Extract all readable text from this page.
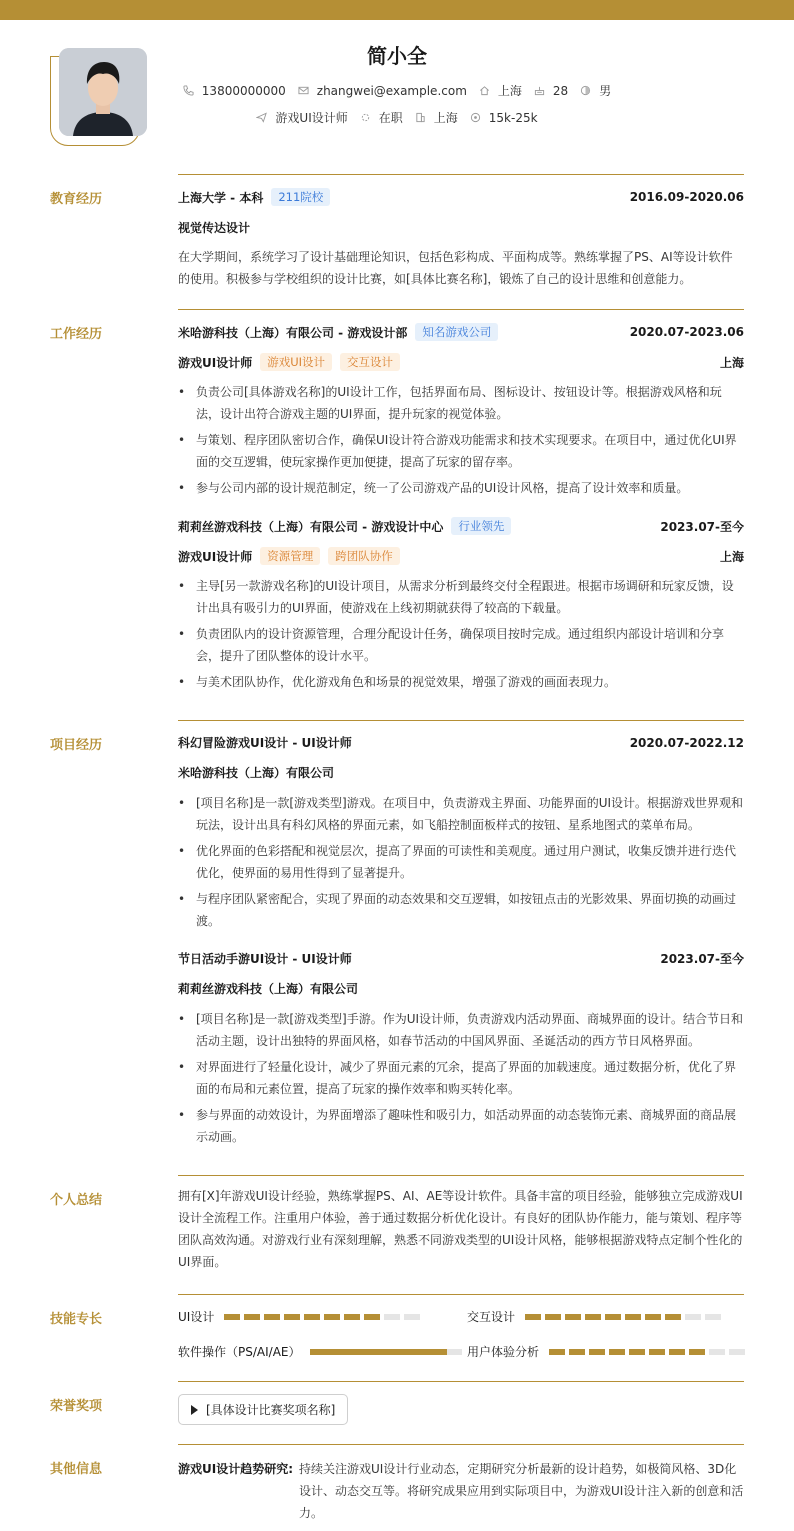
简小全
13800000000	zhangwei@example.com	上海	28	男
游戏UI设计师	在职	上海	15k-25k
教育经历	上海大学 - 本科	211院校	2016.09-2020.06
视觉传达设计
在大学期间，系统学习了设计基础理论知识，包括色彩构成、平面构成等。熟练掌握了PS、AI等设计软件的使用。积极参与学校组织的设计比赛，如[具体比赛名称]，锻炼了自己的设计思维和创意能力。
工作经历	米哈游科技（上海）有限公司 - 游戏设计部	知名游戏公司	2020.07-2023.06
游戏UI设计师	游戏UI设计	交互设计	上海
• 负责公司[具体游戏名称]的UI设计工作，包括界面布局、图标设计、按钮设计等。根据游戏风格和玩法，设计出符合游戏主题的UI界面，提升玩家的视觉体验。
• 与策划、程序团队密切合作，确保UI设计符合游戏功能需求和技术实现要求。在项目中，通过优化UI界面的交互逻辑，使玩家操作更加便捷，提高了玩家的留存率。
• 参与公司内部的设计规范制定，统一了公司游戏产品的UI设计风格，提高了设计效率和质量。
莉莉丝游戏科技（上海）有限公司 - 游戏设计中心	行业领先	2023.07-至今
游戏UI设计师	资源管理	跨团队协作	上海
• 主导[另一款游戏名称]的UI设计项目，从需求分析到最终交付全程跟进。根据市场调研和玩家反馈，设计出具有吸引力的UI界面，使游戏在上线初期就获得了较高的下载量。
• 负责团队内的设计资源管理，合理分配设计任务，确保项目按时完成。通过组织内部设计培训和分享会，提升了团队整体的设计水平。
• 与美术团队协作，优化游戏角色和场景的视觉效果，增强了游戏的画面表现力。
项目经历	科幻冒险游戏UI设计 - UI设计师	2020.07-2022.12
米哈游科技（上海）有限公司
• [项目名称]是一款[游戏类型]游戏。在项目中，负责游戏主界面、功能界面的UI设计。根据游戏世界观和玩法，设计出具有科幻风格的界面元素，如飞船控制面板样式的按钮、星系地图式的菜单布局。
• 优化界面的色彩搭配和视觉层次，提高了界面的可读性和美观度。通过用户测试，收集反馈并进行迭代优化，使界面的易用性得到了显著提升。
• 与程序团队紧密配合，实现了界面的动态效果和交互逻辑，如按钮点击的光影效果、界面切换的动画过渡。
节日活动手游UI设计 - UI设计师	2023.07-至今
莉莉丝游戏科技（上海）有限公司
• [项目名称]是一款[游戏类型]手游。作为UI设计师，负责游戏内活动界面、商城界面的设计。结合节日和活动主题，设计出独特的界面风格，如春节活动的中国风界面、圣诞活动的西方节日风格界面。
• 对界面进行了轻量化设计，减少了界面元素的冗余，提高了界面的加载速度。通过数据分析，优化了界面的布局和元素位置，提高了玩家的操作效率和购买转化率。
• 参与界面的动效设计，为界面增添了趣味性和吸引力，如活动界面的动态装饰元素、商城界面的商品展示动画。
个人总结	拥有[X]年游戏UI设计经验，熟练掌握PS、AI、AE等设计软件。具备丰富的项目经验，能够独立完成游戏UI设计全流程工作。注重用户体验，善于通过数据分析优化设计。有良好的团队协作能力，能与策划、程序等团队高效沟通。对游戏行业有深刻理解，熟悉不同游戏类型的UI设计风格，能够根据游戏特点定制个性化的UI界面。
技能专长	UI设计	交互设计
软件操作（PS/AI/AE）	用户体验分析
荣誉奖项	[具体设计比赛奖项名称]
其他信息	游戏UI设计趋势研究: 持续关注游戏UI设计行业动态，定期研究分析最新的设计趋势，如极简风格、3D化设计、动态交互等。将研究成果应用到实际项目中，为游戏UI设计注入新的创意和活力。
